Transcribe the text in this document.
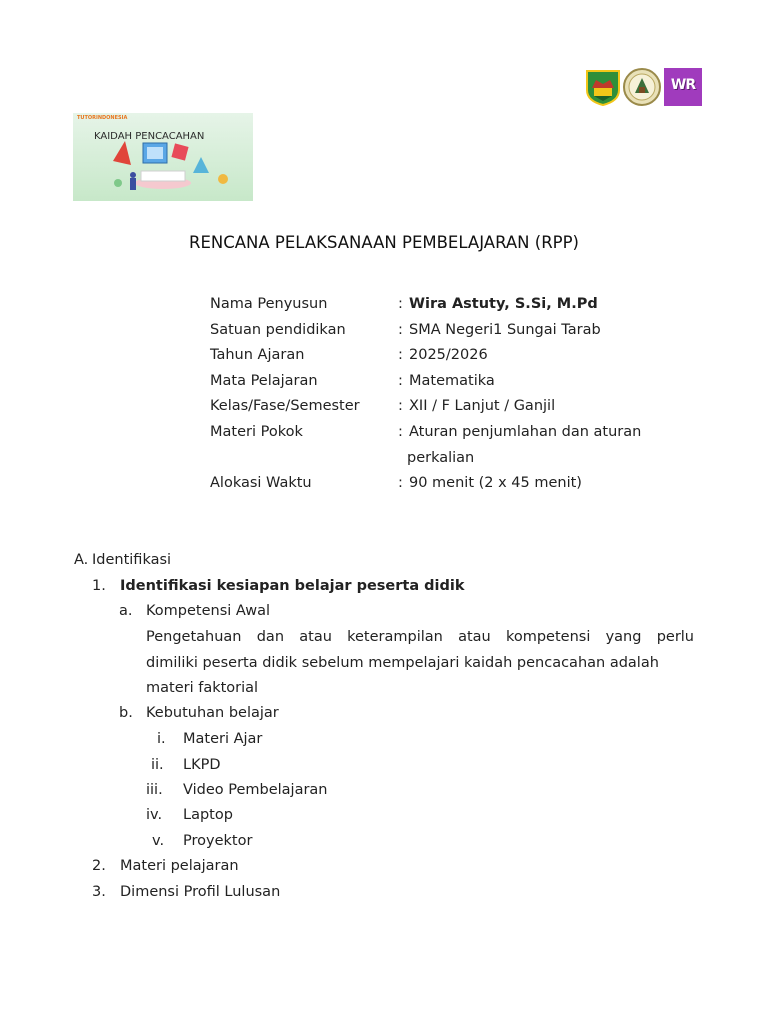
WR
TUTORINDONESIA
KAIDAH PENCACAHAN
RENCANA PELAKSANAAN PEMBELAJARAN (RPP)
Nama Penyusun	: Wira Astuty, S.Si, M.Pd
Satuan pendidikan	: SMA Negeri1 Sungai Tarab
Tahun Ajaran	: 2025/2026
Mata Pelajaran	: Matematika
Kelas/Fase/Semester	: XII / F Lanjut / Ganjil
Materi Pokok	: Aturan penjumlahan dan aturan
perkalian
Alokasi Waktu	: 90 menit (2 x 45 menit)
A. Identifikasi
1. Identifikasi kesiapan belajar peserta didik
a. Kompetensi Awal
Pengetahuan dan atau keterampilan atau kompetensi yang perlu
dimiliki peserta didik sebelum mempelajari kaidah pencacahan adalah
materi faktorial
b. Kebutuhan belajar
i. Materi Ajar
ii. LKPD
iii. Video Pembelajaran
iv. Laptop
v. Proyektor
2. Materi pelajaran
3. Dimensi Profil Lulusan
